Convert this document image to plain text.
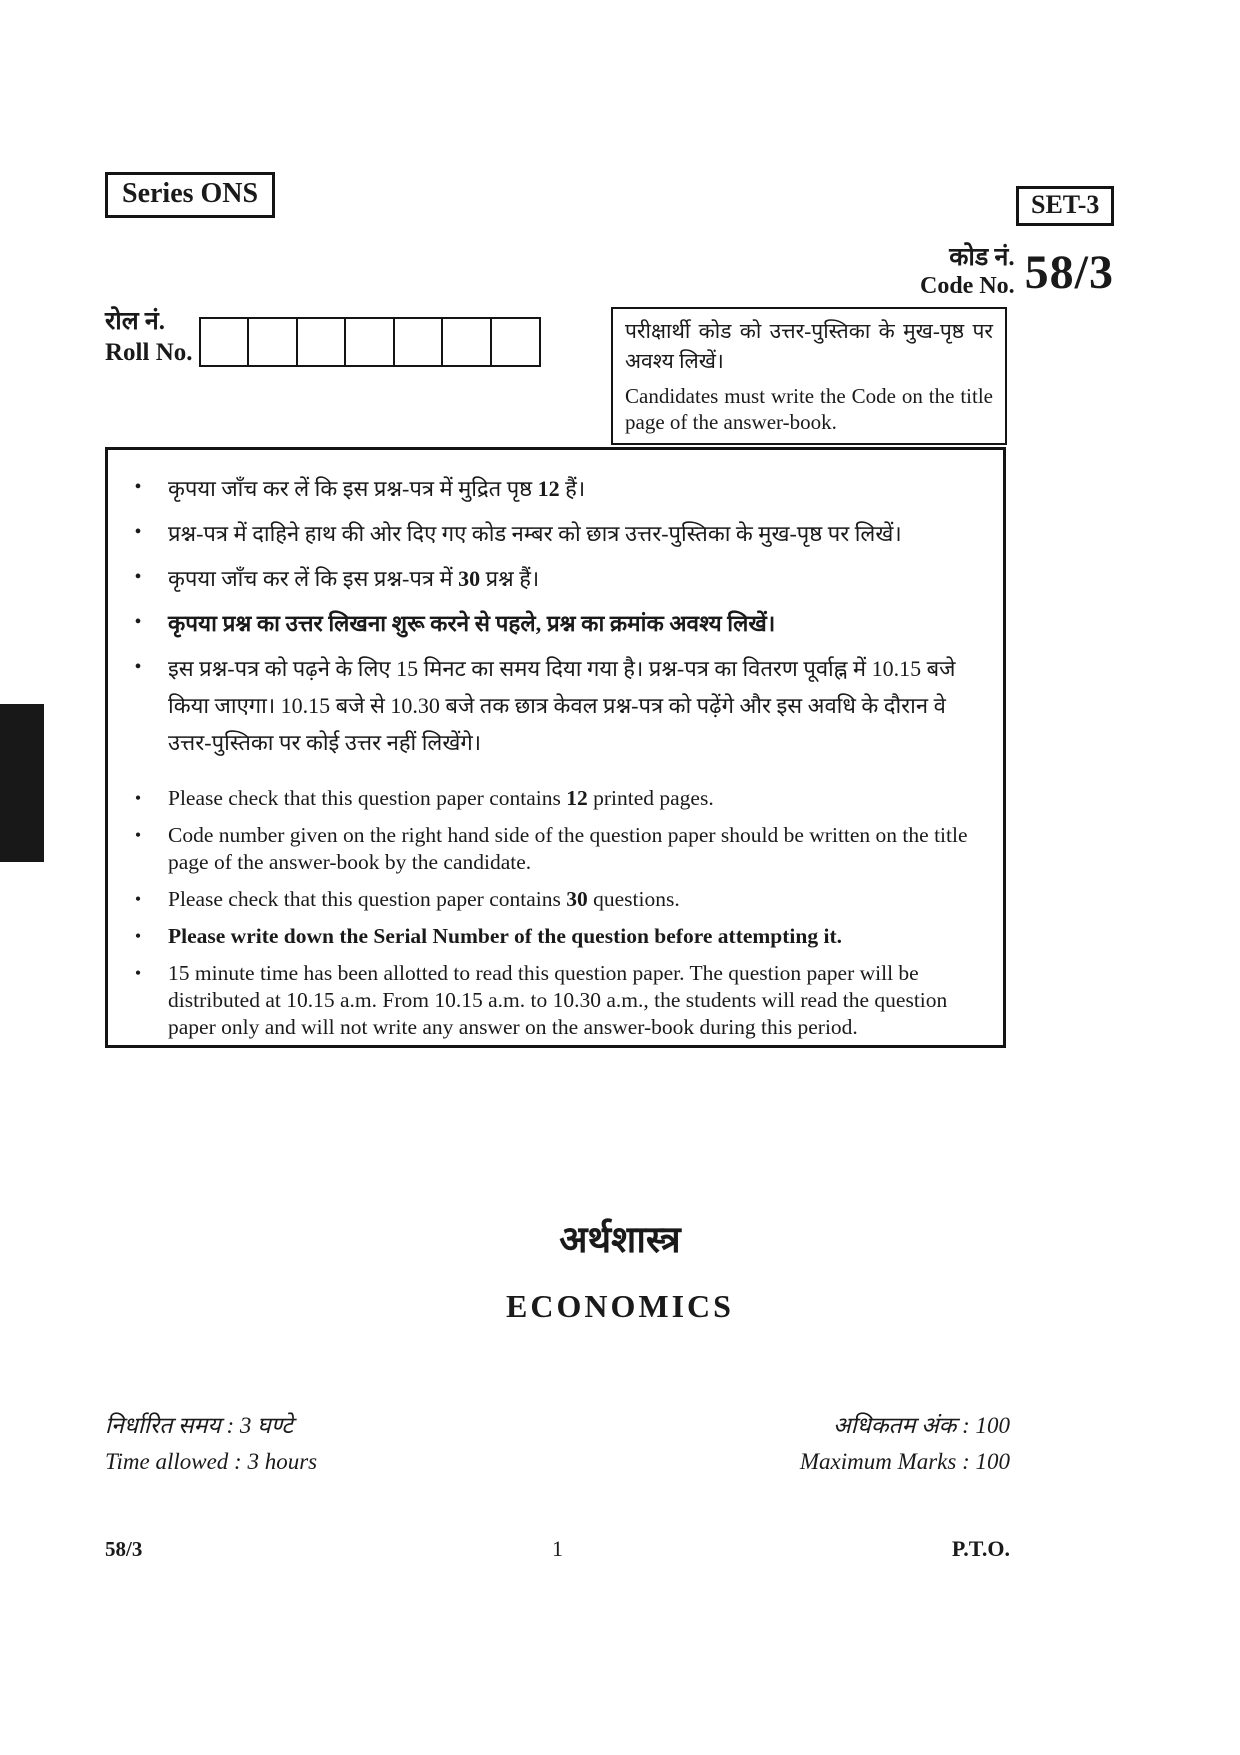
Series ONS	SET-3
कोड नं.
Code No. 58/3
रोल नं.
Roll No.
परीक्षार्थी कोड को उत्तर-पुस्तिका के मुख-पृष्ठ पर अवश्य लिखें।
Candidates must write the Code on the title page of the answer-book.
•	कृपया जाँच कर लें कि इस प्रश्न-पत्र में मुद्रित पृष्ठ 12 हैं।
•	प्रश्न-पत्र में दाहिने हाथ की ओर दिए गए कोड नम्बर को छात्र उत्तर-पुस्तिका के मुख-पृष्ठ पर लिखें।
•	कृपया जाँच कर लें कि इस प्रश्न-पत्र में 30 प्रश्न हैं।
•	कृपया प्रश्न का उत्तर लिखना शुरू करने से पहले, प्रश्न का क्रमांक अवश्य लिखें।
•	इस प्रश्न-पत्र को पढ़ने के लिए 15 मिनट का समय दिया गया है। प्रश्न-पत्र का वितरण पूर्वाह्न में 10.15 बजे किया जाएगा। 10.15 बजे से 10.30 बजे तक छात्र केवल प्रश्न-पत्र को पढ़ेंगे और इस अवधि के दौरान वे उत्तर-पुस्तिका पर कोई उत्तर नहीं लिखेंगे।
•	Please check that this question paper contains 12 printed pages.
•	Code number given on the right hand side of the question paper should be written on the title page of the answer-book by the candidate.
•	Please check that this question paper contains 30 questions.
•	Please write down the Serial Number of the question before attempting it.
•	15 minute time has been allotted to read this question paper. The question paper will be distributed at 10.15 a.m. From 10.15 a.m. to 10.30 a.m., the students will read the question paper only and will not write any answer on the answer-book during this period.
अर्थशास्त्र
ECONOMICS
निर्धारित समय : 3 घण्टे	अधिकतम अंक : 100
Time allowed : 3 hours	Maximum Marks : 100
58/3	1	P.T.O.
